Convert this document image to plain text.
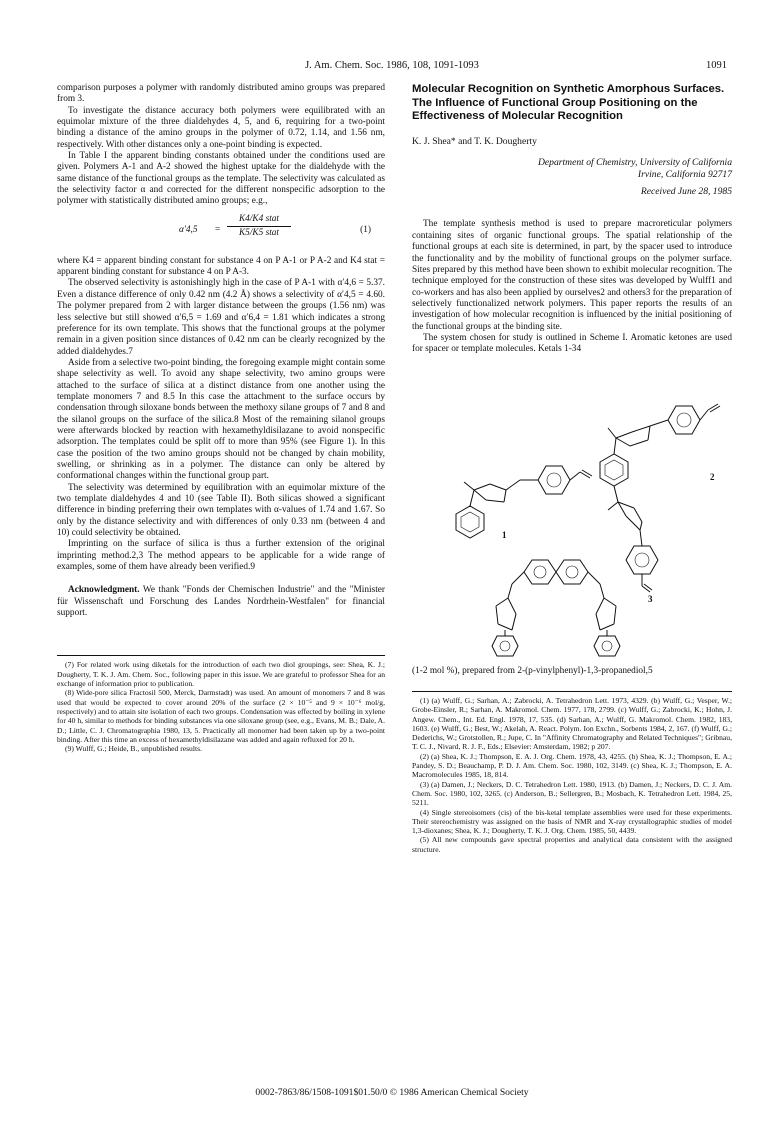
J. Am. Chem. Soc. 1986, 108, 1091-1093	1091

comparison purposes a polymer with randomly distributed amino groups was prepared from 3.

To investigate the distance accuracy both polymers were equilibrated with an equimolar mixture of the three dialdehydes 4, 5, and 6, requiring for a two-point binding a distance of the amino groups in the polymer of 0.72, 1.14, and 1.56 nm, respectively. With other distances only a one-point binding is expected.

In Table I the apparent binding constants obtained under the conditions used are given. Polymers A-1 and A-2 showed the highest uptake for the dialdehyde with the same distance of the functional groups as the template. The selectivity was calculated as the selectivity factor α and corrected for the different nonspecific adsorption to the polymer with statistically distributed amino groups; e.g.,

α′4,5 =
K4/K4 stat
K5/K5 stat	(1)

where K4 = apparent binding constant for substance 4 on P A-1 or P A-2 and K4 stat = apparent binding constant for substance 4 on P A-3.

The observed selectivity is astonishingly high in the case of P A-1 with α′4,6 = 5.37. Even a distance difference of only 0.42 nm (4.2 Å) shows a selectivity of α′4,5 = 4.60. The polymer prepared from 2 with larger distance between the groups (1.56 nm) was less selective but still showed α′6,5 = 1.69 and α′6,4 = 1.81 which indicates a strong preference for its own template. This shows that the functional groups at the polymer remain in a given position since distances of 0.42 nm can be clearly recognized by the added dialdehydes.7

Aside from a selective two-point binding, the foregoing example might contain some shape selectivity as well. To avoid any shape selectivity, two amino groups were attached to the surface of silica at a distinct distance from one another using the template monomers 7 and 8.5 In this case the attachment to the surface occurs by condensation through siloxane bonds between the methoxy silane groups of 7 and 8 and the silanol groups on the surface of the silica.8 Most of the remaining silanol groups were afterwards blocked by reaction with hexamethyldisilazane to avoid nonspecific adsorption. The templates could be split off to more than 95% (see Figure 1). In this case the position of the two amino groups should not be changed by chain mobility, swelling, or shrinking as in a polymer. The distance can only be altered by conformational changes within the functional group part.

The selectivity was determined by equilibration with an equimolar mixture of the two template dialdehydes 4 and 10 (see Table II). Both silicas showed a significant difference in binding preferring their own templates with α-values of 1.74 and 1.67. So only by the distance selectivity and with differences of only 0.33 nm (between 4 and 10) could selectivity be obtained.

Imprinting on the surface of silica is thus a further extension of the original imprinting method.2,3 The method appears to be applicable for a wide range of examples, some of them have already been verified.9

Acknowledgment. We thank "Fonds der Chemischen Industrie" and the "Minister für Wissenschaft und Forschung des Landes Nordrhein-Westfalen" for financial support.

(7) For related work using diketals for the introduction of each two diol groupings, see: Shea, K. J.; Dougherty, T. K. J. Am. Chem. Soc., following paper in this issue. We are grateful to professor Shea for an exchange of information prior to publication.

(8) Wide-pore silica Fractosil 500, Merck, Darmstadt) was used. An amount of monomers 7 and 8 was used that would be expected to cover around 20% of the surface (2 × 10⁻⁵ and 9 × 10⁻⁶ mol/g, respectively) and to attain site isolation of each two groups. Condensation was effected by boiling in xylene for 40 h, similar to methods for binding substances via one siloxane group (see, e.g., Evans, M. B.; Dale, A. D.; Little, C. J. Chromatographia 1980, 13, 5. Practically all monomer had been taken up by a two-point binding. After this time an excess of hexamethyldisilazane was added and again refluxed for 20 h.

(9) Wulff, G.; Heide, B., unpublished results.

Molecular Recognition on Synthetic Amorphous Surfaces. The Influence of Functional Group Positioning on the Effectiveness of Molecular Recognition
K. J. Shea* and T. K. Dougherty
Department of Chemistry, University of California
Irvine, California 92717
Received June 28, 1985

The template synthesis method is used to prepare macroreticular polymers containing sites of organic functional groups. The spatial relationship of the functional groups at each site is determined, in part, by the spacer used to introduce the functionality and by the mobility of functional groups on the polymer surface. Sites prepared by this method have been shown to exhibit molecular recognition. The technique employed for the construction of these sites was developed by Wulff1 and co-workers and has also been applied by ourselves2 and others3 for the preparation of selectively functionalized network polymers. This paper reports the results of an investigation of how molecular recognition is influenced by the initial positioning of the functional groups at the binding site.

The system chosen for study is outlined in Scheme I. Aromatic ketones are used for spacer or template molecules. Ketals 1-34

1
2
3

(1-2 mol %), prepared from 2-(p-vinylphenyl)-1,3-propanediol,5

(1) (a) Wulff, G.; Sarhan, A.; Zabrocki, A. Tetrahedron Lett. 1973, 4329. (b) Wulff, G.; Vesper, W.; Grobe-Einsler, R.; Sarhan, A. Makromol. Chem. 1977, 178, 2799. (c) Wulff, G.; Zabrocki, K.; Hohn, J. Angew. Chem., Int. Ed. Engl. 1978, 17, 535. (d) Sarhan, A.; Wulff, G. Makromol. Chem. 1982, 183, 1603. (e) Wulff, G.; Best, W.; Akelah, A. React. Polym. Ion Exchn., Sorbents 1984, 2, 167. (f) Wulff, G.; Dederichs, W.; Grotstollen, R.; Jupe, C. In "Affinity Chromatography and Related Techniques"; Gribnau, T. C. J., Nivard, R. J. F., Eds.; Elsevier: Amsterdam, 1982; p 207.

(2) (a) Shea, K. J.; Thompson, E. A. J. Org. Chem. 1978, 43, 4255. (b) Shea, K. J.; Thompson, E. A.; Pandey, S. D.; Beauchamp, P. D. J. Am. Chem. Soc. 1980, 102, 3149. (c) Shea, K. J.; Thompson, E. A. Macromolecules 1985, 18, 814.

(3) (a) Damen, J.; Neckers, D. C. Tetrahedron Lett. 1980, 1913. (b) Damen, J.; Neckers, D. C. J. Am. Chem. Soc. 1980, 102, 3265. (c) Anderson, B.; Sellergren, B.; Mosbach, K. Tetrahedron Lett. 1984, 25, 5211.

(4) Single stereoisomers (cis) of the bis-ketal template assemblies were used for these experiments. Their stereochemistry was assigned on the basis of NMR and X-ray crystallographic studies of model 1,3-dioxanes; Shea, K. J.; Dougherty, T. K. J. Org. Chem. 1985, 50, 4439.

(5) All new compounds gave spectral properties and analytical data consistent with the assigned structure.

0002-7863/86/1508-1091$01.50/0 © 1986 American Chemical Society
